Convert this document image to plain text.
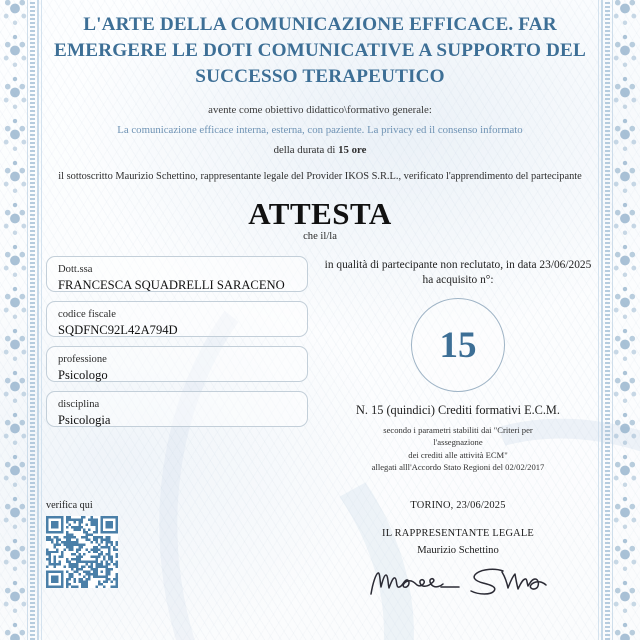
L'ARTE DELLA COMUNICAZIONE EFFICACE. FAR EMERGERE LE DOTI COMUNICATIVE A SUPPORTO DEL SUCCESSO TERAPEUTICO
avente come obiettivo didattico\formativo generale:
La comunicazione efficace interna, esterna, con paziente. La privacy ed il consenso informato
della durata di 15 ore
il sottoscritto Maurizio Schettino, rappresentante legale del Provider IKOS S.R.L., verificato l'apprendimento del partecipante
ATTESTA
che il/la
Dott.ssa
FRANCESCA SQUADRELLI SARACENO
codice fiscale
SQDFNC92L42A794D
professione
Psicologo
disciplina
Psicologia
in qualità di partecipante non reclutato, in data 23/06/2025 ha acquisito n°:
15
N. 15 (quindici) Crediti formativi E.C.M.
secondo i parametri stabiliti dai "Criteri per
l'assegnazione
dei crediti alle attività ECM"
allegati alll'Accordo Stato Regioni del 02/02/2017
verifica qui	TORINO, 23/06/2025
IL RAPPRESENTANTE LEGALE
Maurizio Schettino
